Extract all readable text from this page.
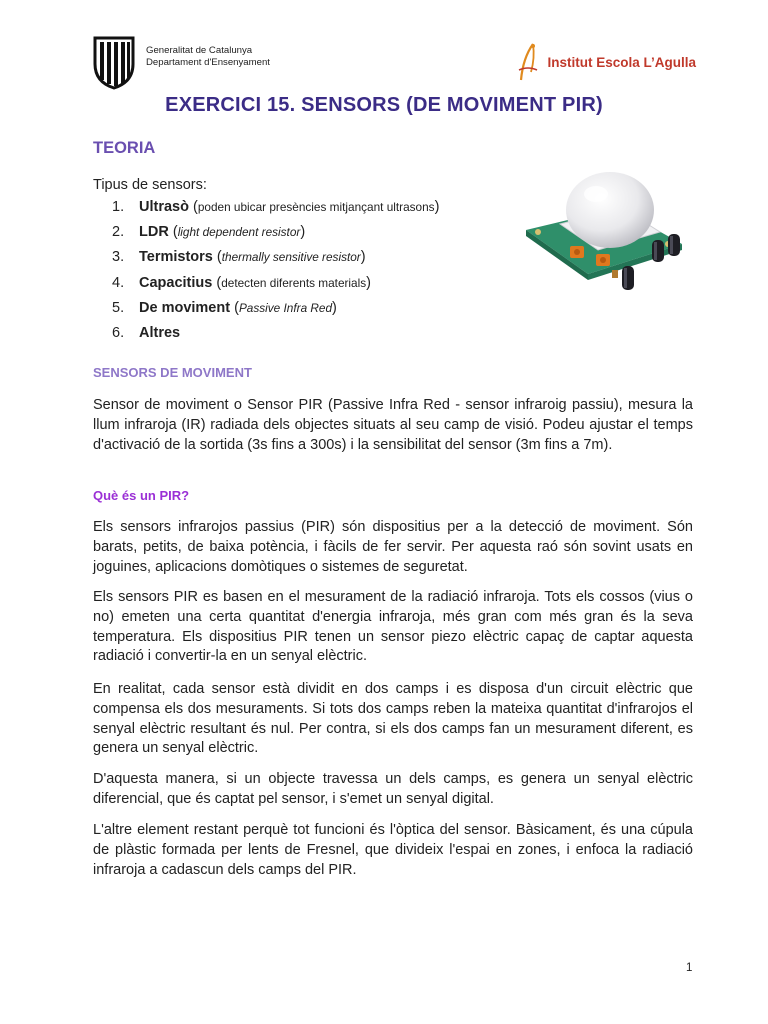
Generalitat de Catalunya
Departament d'Ensenyament	Institut Escola L’Agulla
EXERCICI 15. SENSORS (DE MOVIMENT PIR)
TEORIA
Tipus de sensors:
1. Ultrasò (poden ubicar presències mitjançant ultrasons)
2. LDR (light dependent resistor)
3. Termistors (thermally sensitive resistor)
4. Capacitius (detecten diferents materials)
5. De moviment (Passive Infra Red)
6. Altres
SENSORS DE MOVIMENT

Sensor de moviment o Sensor PIR (Passive Infra Red - sensor infraroig passiu), mesura la llum infraroja (IR) radiada dels objectes situats al seu camp de visió. Podeu ajustar el temps d'activació de la sortida (3s fins a 300s) i la sensibilitat del sensor (3m fins a 7m).

Què és un PIR?

Els sensors infrarojos passius (PIR) són dispositius per a la detecció de moviment. Són barats, petits, de baixa potència, i fàcils de fer servir. Per aquesta raó són sovint usats en joguines, aplicacions domòtiques o sistemes de seguretat.

Els sensors PIR es basen en el mesurament de la radiació infraroja. Tots els cossos (vius o no) emeten una certa quantitat d'energia infraroja, més gran com més gran és la seva temperatura. Els dispositius PIR tenen un sensor piezo elèctric capaç de captar aquesta radiació i convertir-la en un senyal elèctric.

En realitat, cada sensor està dividit en dos camps i es disposa d'un circuit elèctric que compensa els dos mesuraments. Si tots dos camps reben la mateixa quantitat d'infrarojos el senyal elèctric resultant és nul. Per contra, si els dos camps fan un mesurament diferent, es genera un senyal elèctric.

D'aquesta manera, si un objecte travessa un dels camps, es genera un senyal elèctric diferencial, que és captat pel sensor, i s'emet un senyal digital.

L'altre element restant perquè tot funcioni és l'òptica del sensor. Bàsicament, és una cúpula de plàstic formada per lents de Fresnel, que divideix l'espai en zones, i enfoca la radiació infraroja a cadascun dels camps del PIR.

1
